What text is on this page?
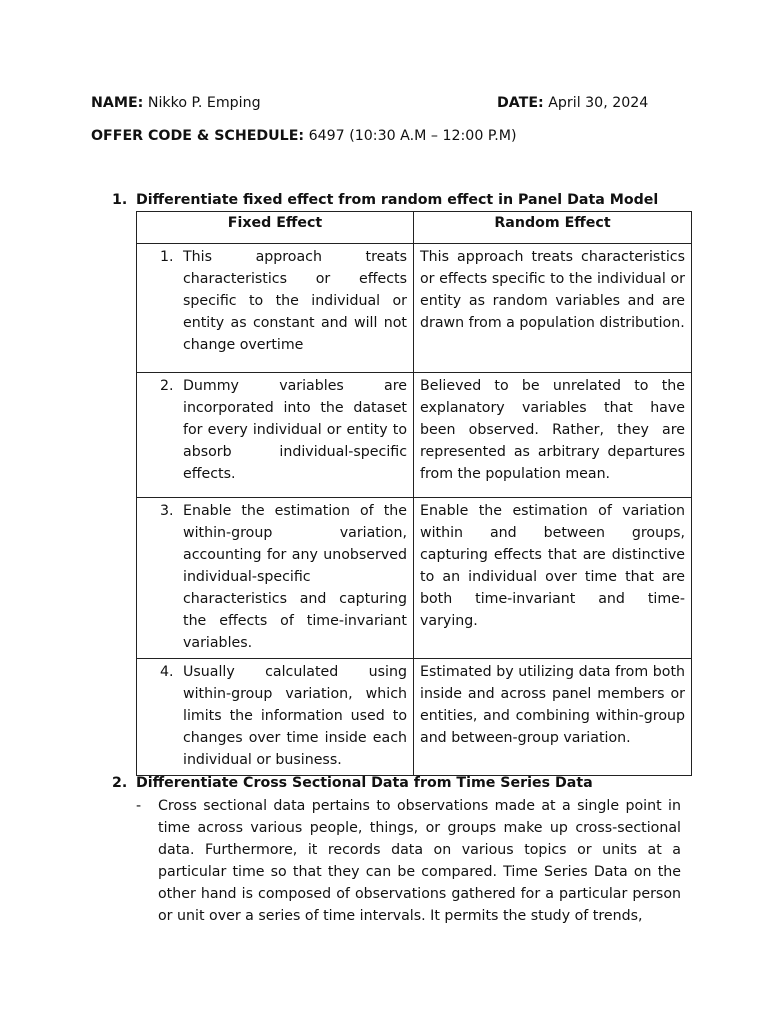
NAME: Nikko P. Emping	DATE: April 30, 2024
OFFER CODE & SCHEDULE: 6497 (10:30 A.M – 12:00 P.M)
1. Differentiate fixed effect from random effect in Panel Data Model
Fixed Effect	Random Effect

1. This approach treats characteristics or effects specific to the individual or entity as constant and will not change overtime	This approach treats characteristics or effects specific to the individual or entity as random variables and are drawn from a population distribution.

2. Dummy variables are incorporated into the dataset for every individual or entity to absorb individual-specific effects.	Believed to be unrelated to the explanatory variables that have been observed. Rather, they are represented as arbitrary departures from the population mean.

3. Enable the estimation of the within-group variation, accounting for any unobserved individual-specific characteristics and capturing the effects of time-invariant variables.	Enable the estimation of variation within and between groups, capturing effects that are distinctive to an individual over time that are both time-invariant and time-varying.

4. Usually calculated using within-group variation, which limits the information used to changes over time inside each individual or business.	Estimated by utilizing data from both inside and across panel members or entities, and combining within-group and between-group variation.
2. Differentiate Cross Sectional Data from Time Series Data
- Cross sectional data pertains to observations made at a single point in time across various people, things, or groups make up cross-sectional data. Furthermore, it records data on various topics or units at a particular time so that they can be compared. Time Series Data on the other hand is composed of observations gathered for a particular person or unit over a series of time intervals. It permits the study of trends,
